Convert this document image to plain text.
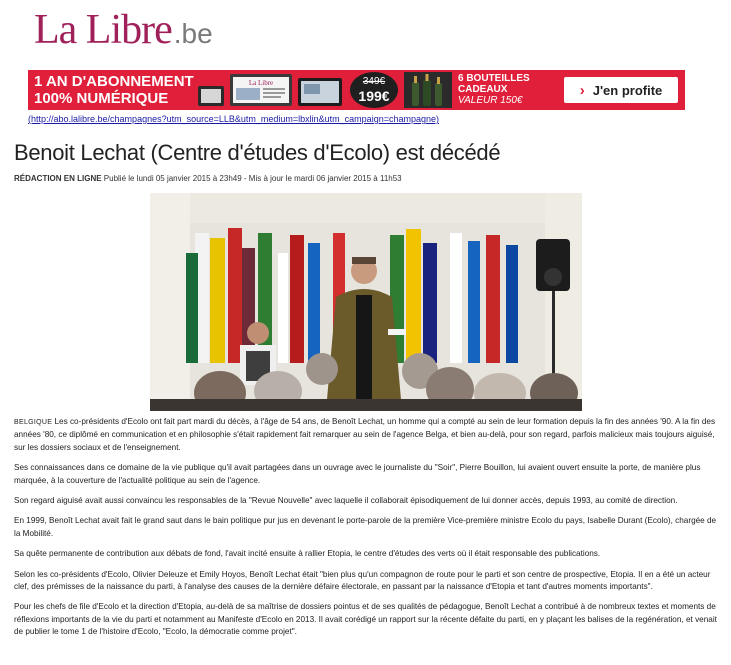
La Libre .be
1 AN D'ABONNEMENT
100% NUMÉRIQUE
La Libre	349€
199€
6 BOUTEILLES
CADEAUX
VALEUR 150€
› J'en profite
(http://abo.lalibre.be/champagnes?utm_source=LLB&utm_medium=lbxlin&utm_campaign=champagne)
Benoit Lechat (Centre d'études d'Ecolo) est décédé
RÉDACTION EN LIGNE Publié le lundi 05 janvier 2015 à 23h49 - Mis à jour le mardi 06 janvier 2015 à 11h53

BELGIQUE Les co-présidents d'Ecolo ont fait part mardi du décès, à l'âge de 54 ans, de Benoît Lechat, un homme qui a compté au sein de leur formation depuis la fin des années '90. A la fin des années '80, ce diplômé en communication et en philosophie s'était rapidement fait remarquer au sein de l'agence Belga, et bien au-delà, pour son regard, parfois malicieux mais toujours aiguisé, sur les dossiers sociaux et de l'enseignement.

Ses connaissances dans ce domaine de la vie publique qu'il avait partagées dans un ouvrage avec le journaliste du "Soir", Pierre Bouillon, lui avaient ouvert ensuite la porte, de manière plus marquée, à la couverture de l'actualité politique au sein de l'agence.

Son regard aiguisé avait aussi convaincu les responsables de la "Revue Nouvelle" avec laquelle il collaborait épisodiquement de lui donner accès, depuis 1993, au comité de direction.

En 1999, Benoît Lechat avait fait le grand saut dans le bain politique pur jus en devenant le porte-parole de la première Vice-première ministre Ecolo du pays, Isabelle Durant (Ecolo), chargée de la Mobilité.

Sa quête permanente de contribution aux débats de fond, l'avait incité ensuite à rallier Etopia, le centre d'études des verts où il était responsable des publications.

Selon les co-présidents d'Ecolo, Olivier Deleuze et Emily Hoyos, Benoît Lechat était "bien plus qu'un compagnon de route pour le parti et son centre de prospective, Etopia. Il en a été un acteur clef, des prémisses de la naissance du parti, à l'analyse des causes de la dernière défaire électorale, en passant par la naissance d'Etopia et tant d'autres moments importants".

Pour les chefs de file d'Ecolo et la direction d'Etopia, au-delà de sa maîtrise de dossiers pointus et de ses qualités de pédagogue, Benoît Lechat a contribué à de nombreux textes et moments de réflexions importants de la vie du parti et notamment au Manifeste d'Ecolo en 2013. Il avait corédigé un rapport sur la récente défaite du parti, en y plaçant les balises de la regénération, et venait de publier le tome 1 de l'histoire d'Ecolo, "Ecolo, la démocratie comme projet".
